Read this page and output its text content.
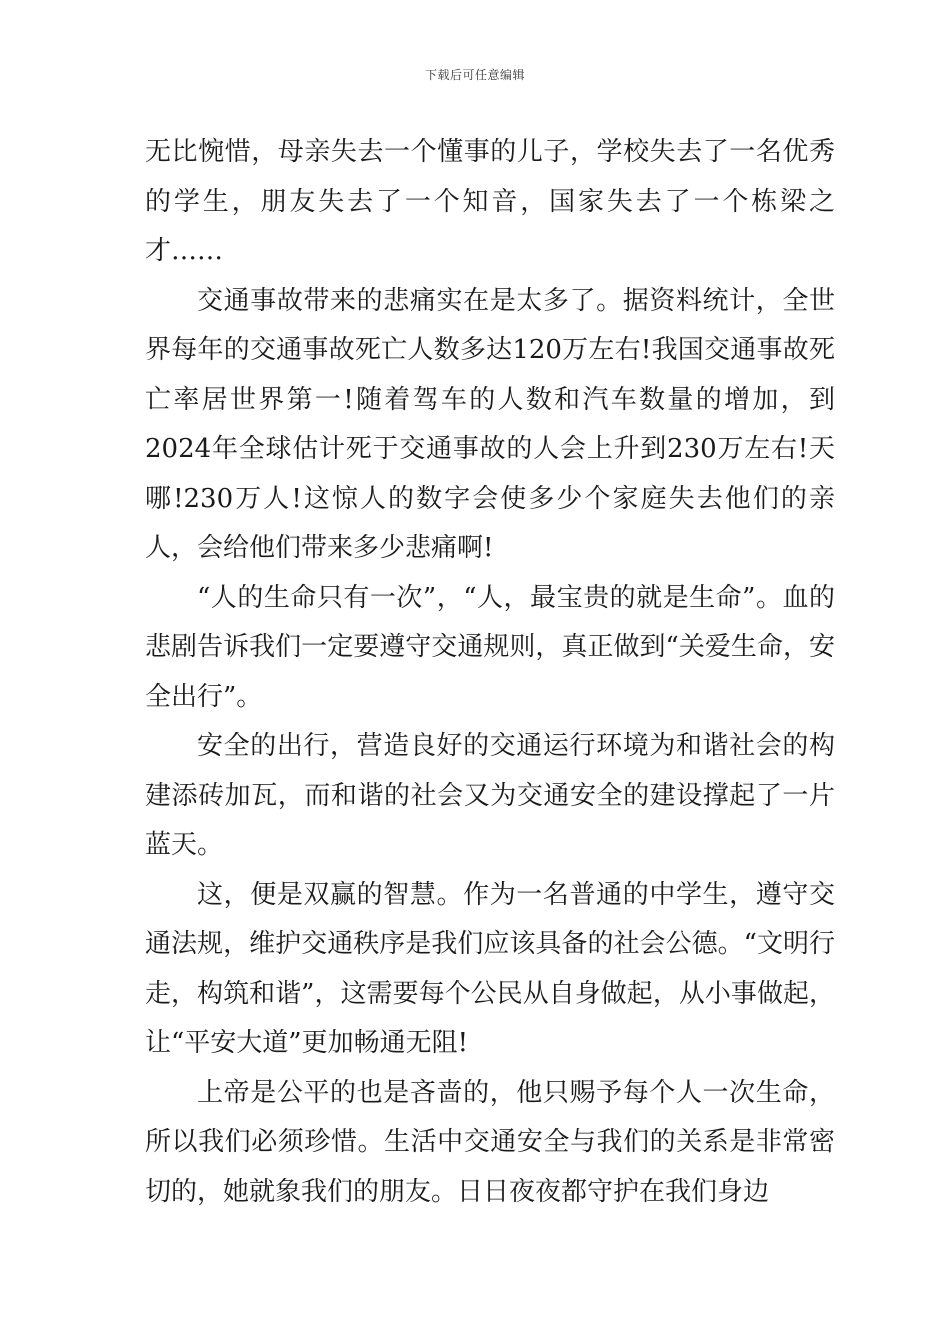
下载后可任意编辑

无比惋惜，母亲失去一个懂事的儿子，学校失去了一名优秀的学生，朋友失去了一个知音，国家失去了一个栋梁之才……

交通事故带来的悲痛实在是太多了。据资料统计，全世界每年的交通事故死亡人数多达120万左右!我国交通事故死亡率居世界第一!随着驾车的人数和汽车数量的增加，到2024年全球估计死于交通事故的人会上升到230万左右!天哪!230万人!这惊人的数字会使多少个家庭失去他们的亲人，会给他们带来多少悲痛啊!

“人的生命只有一次”，“人，最宝贵的就是生命”。血的悲剧告诉我们一定要遵守交通规则，真正做到“关爱生命，安全出行”。

安全的出行，营造良好的交通运行环境为和谐社会的构建添砖加瓦，而和谐的社会又为交通安全的建设撑起了一片蓝天。

这，便是双赢的智慧。作为一名普通的中学生，遵守交通法规，维护交通秩序是我们应该具备的社会公德。“文明行走，构筑和谐”，这需要每个公民从自身做起，从小事做起，让“平安大道”更加畅通无阻!

上帝是公平的也是吝啬的，他只赐予每个人一次生命，所以我们必须珍惜。生活中交通安全与我们的关系是非常密切的，她就象我们的朋友。日日夜夜都守护在我们身边
